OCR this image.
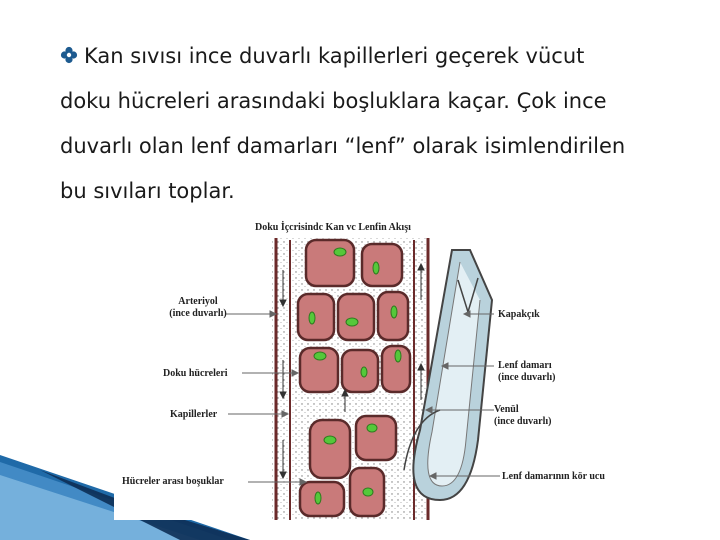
Kan sıvısı ince duvarlı kapillerleri geçerek vücut
doku hücreleri arasındaki boşluklara kaçar. Çok ince
duvarlı olan lenf damarları “lenf” olarak isimlendirilen
bu sıvıları toplar.
Doku İçcrisindc Kan vc Lenfin Akışı
Arteriyol
(ince duvarlı)
Doku hücreleri
Kapillerler
Hücreler arası boşuklar
Kapakçık
Lenf damarı
(ince duvarlı)
Venül
(ince duvarlı)
Lenf damarının kör ucu
